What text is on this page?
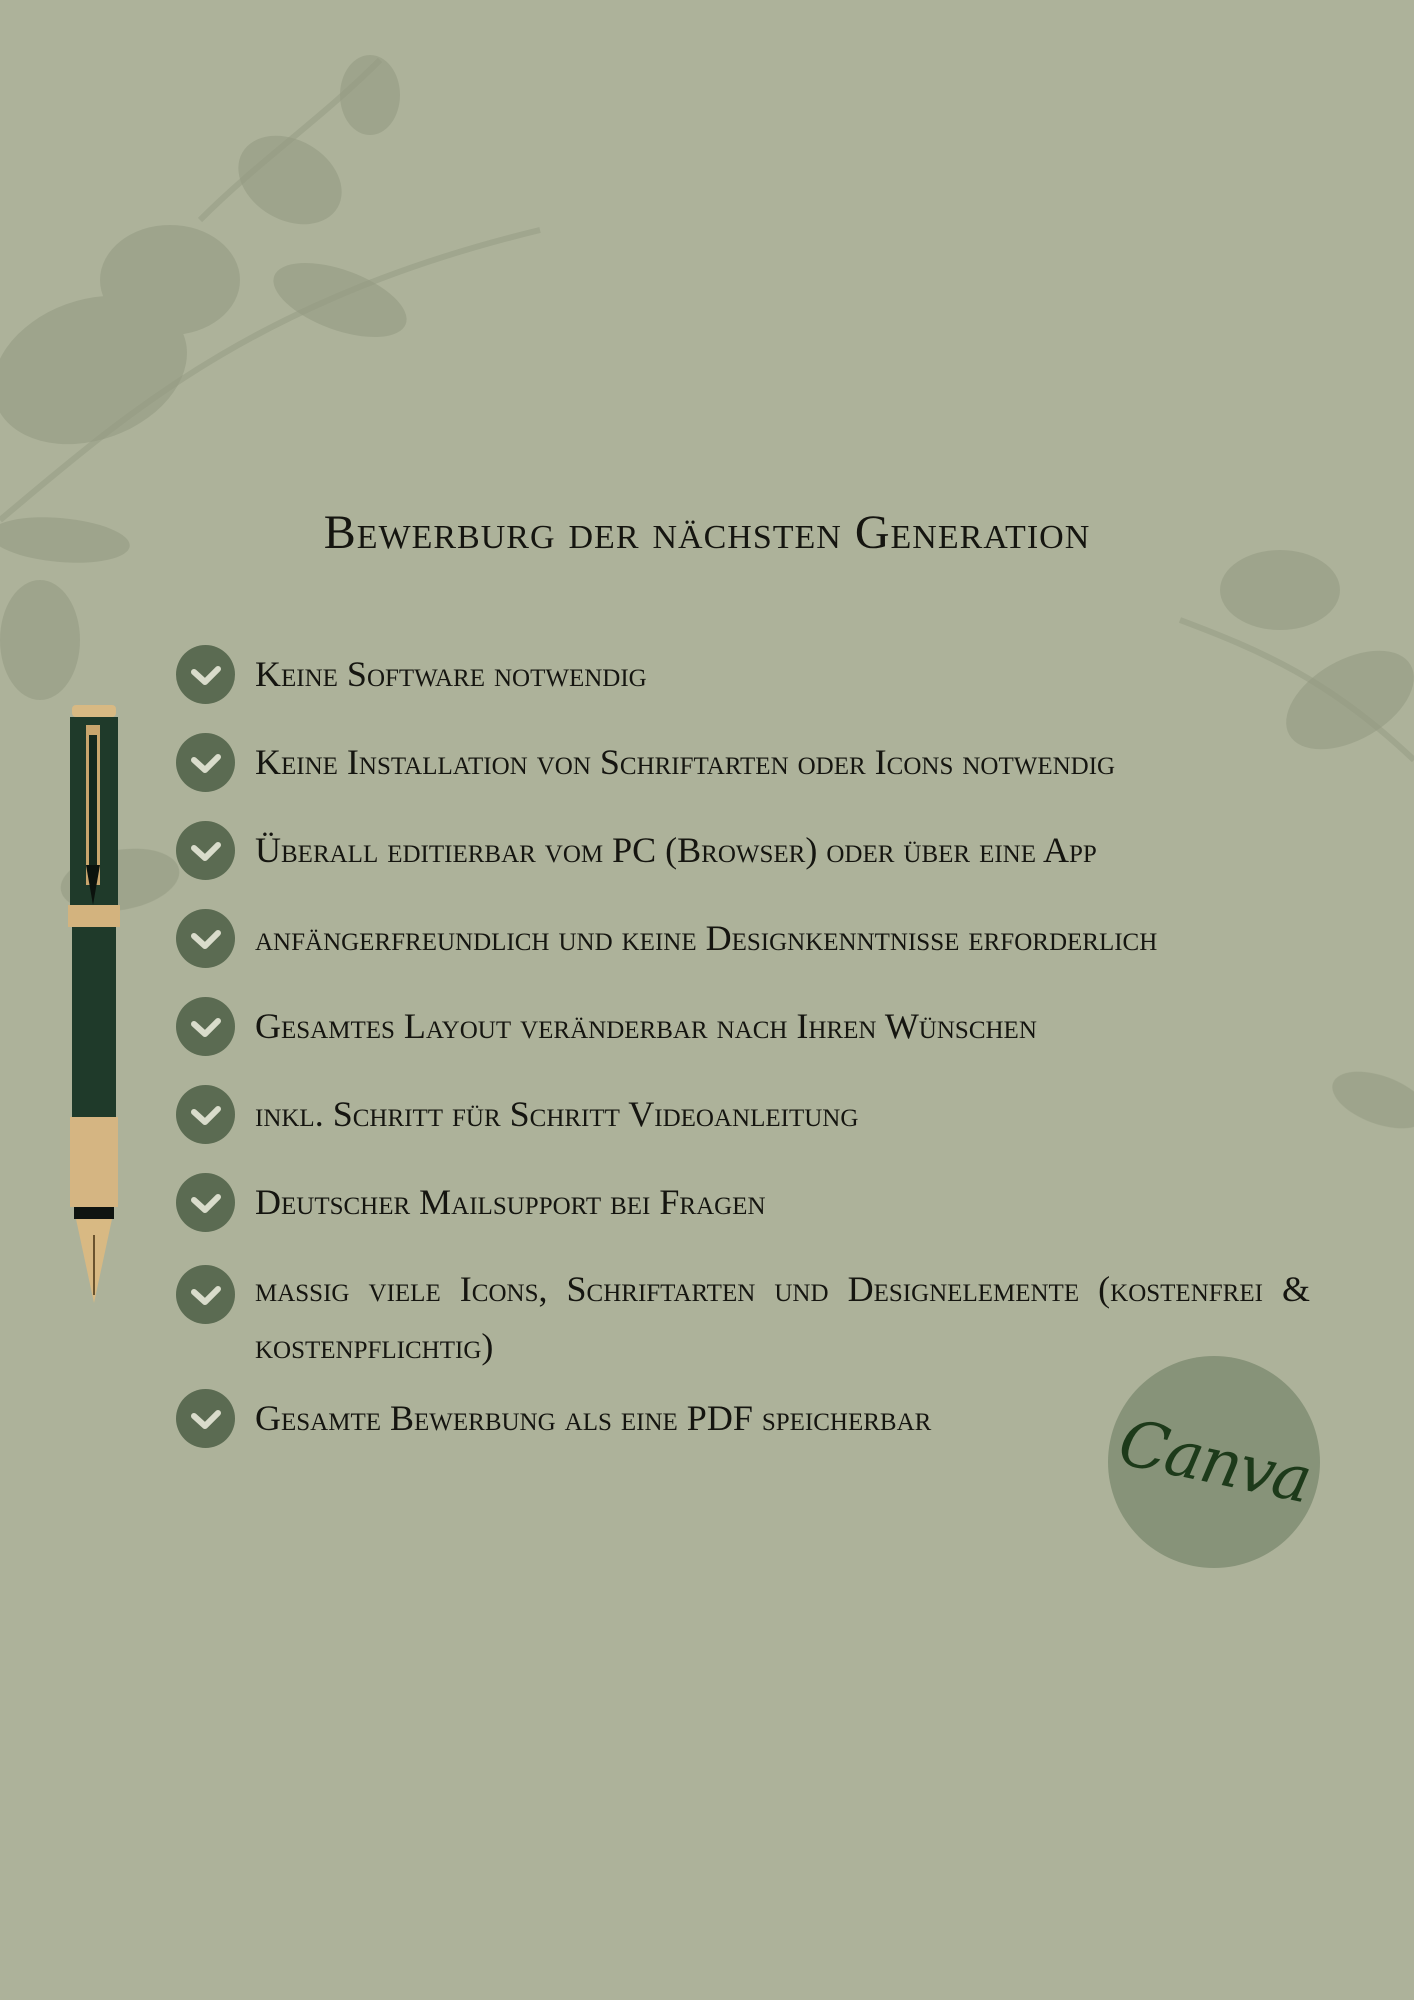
Bewerburg der nächsten Generation
Keine Software notwendig
Keine Installation von Schriftarten oder Icons notwendig
Überall editierbar vom PC (Browser) oder über eine App
anfängerfreundlich und keine Designkenntnisse erforderlich
Gesamtes Layout veränderbar nach Ihren Wünschen
inkl. Schritt für Schritt Videoanleitung
Deutscher Mailsupport bei Fragen
massig viele Icons, Schriftarten und Designelemente (kostenfrei & kostenpflichtig)
Gesamte Bewerbung als eine PDF speicherbar	Canva
